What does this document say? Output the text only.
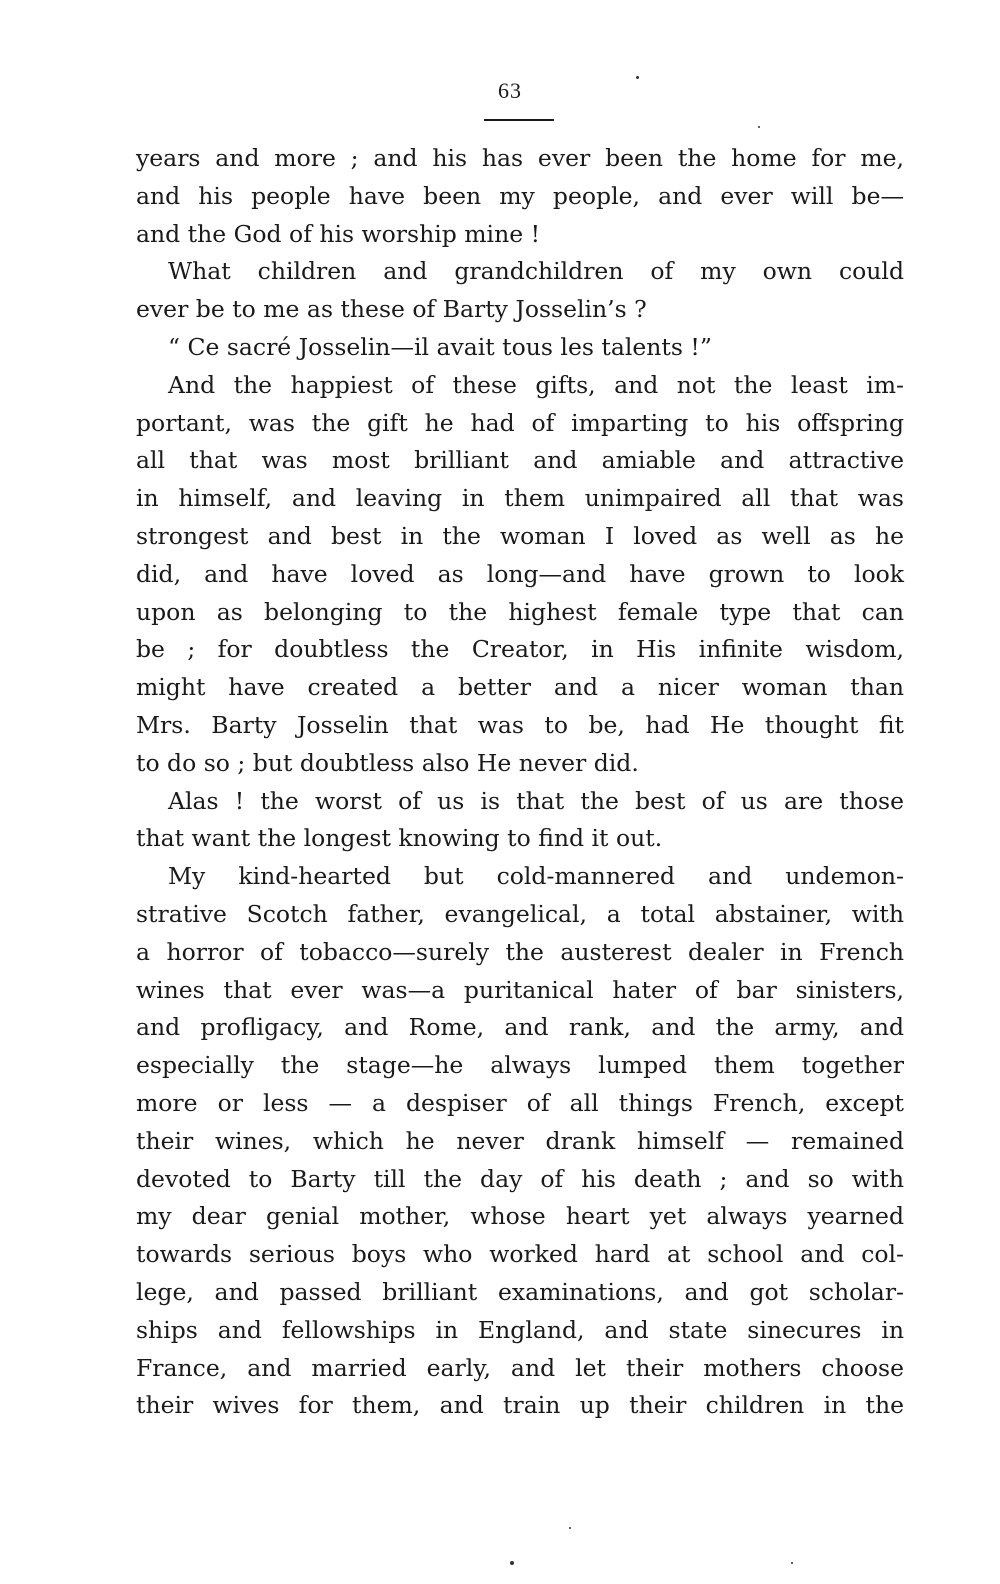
63
years and more ; and his has ever been the home for me,
and his people have been my people, and ever will be—
and the God of his worship mine !
What children and grandchildren of my own could
ever be to me as these of Barty Josselin’s ?
“ Ce sacré Josselin—il avait tous les talents !”
And the happiest of these gifts, and not the least im-
portant, was the gift he had of imparting to his offspring
all that was most brilliant and amiable and attractive
in himself, and leaving in them unimpaired all that was
strongest and best in the woman I loved as well as he
did, and have loved as long—and have grown to look
upon as belonging to the highest female type that can
be ; for doubtless the Creator, in His infinite wisdom,
might have created a better and a nicer woman than
Mrs. Barty Josselin that was to be, had He thought fit
to do so ; but doubtless also He never did.
Alas ! the worst of us is that the best of us are those
that want the longest knowing to find it out.
My kind-hearted but cold-mannered and undemon-
strative Scotch father, evangelical, a total abstainer, with
a horror of tobacco—surely the austerest dealer in French
wines that ever was—a puritanical hater of bar sinisters,
and profligacy, and Rome, and rank, and the army, and
especially the stage—he always lumped them together
more or less — a despiser of all things French, except
their wines, which he never drank himself — remained
devoted to Barty till the day of his death ; and so with
my dear genial mother, whose heart yet always yearned
towards serious boys who worked hard at school and col-
lege, and passed brilliant examinations, and got scholar-
ships and fellowships in England, and state sinecures in
France, and married early, and let their mothers choose
their wives for them, and train up their children in the
